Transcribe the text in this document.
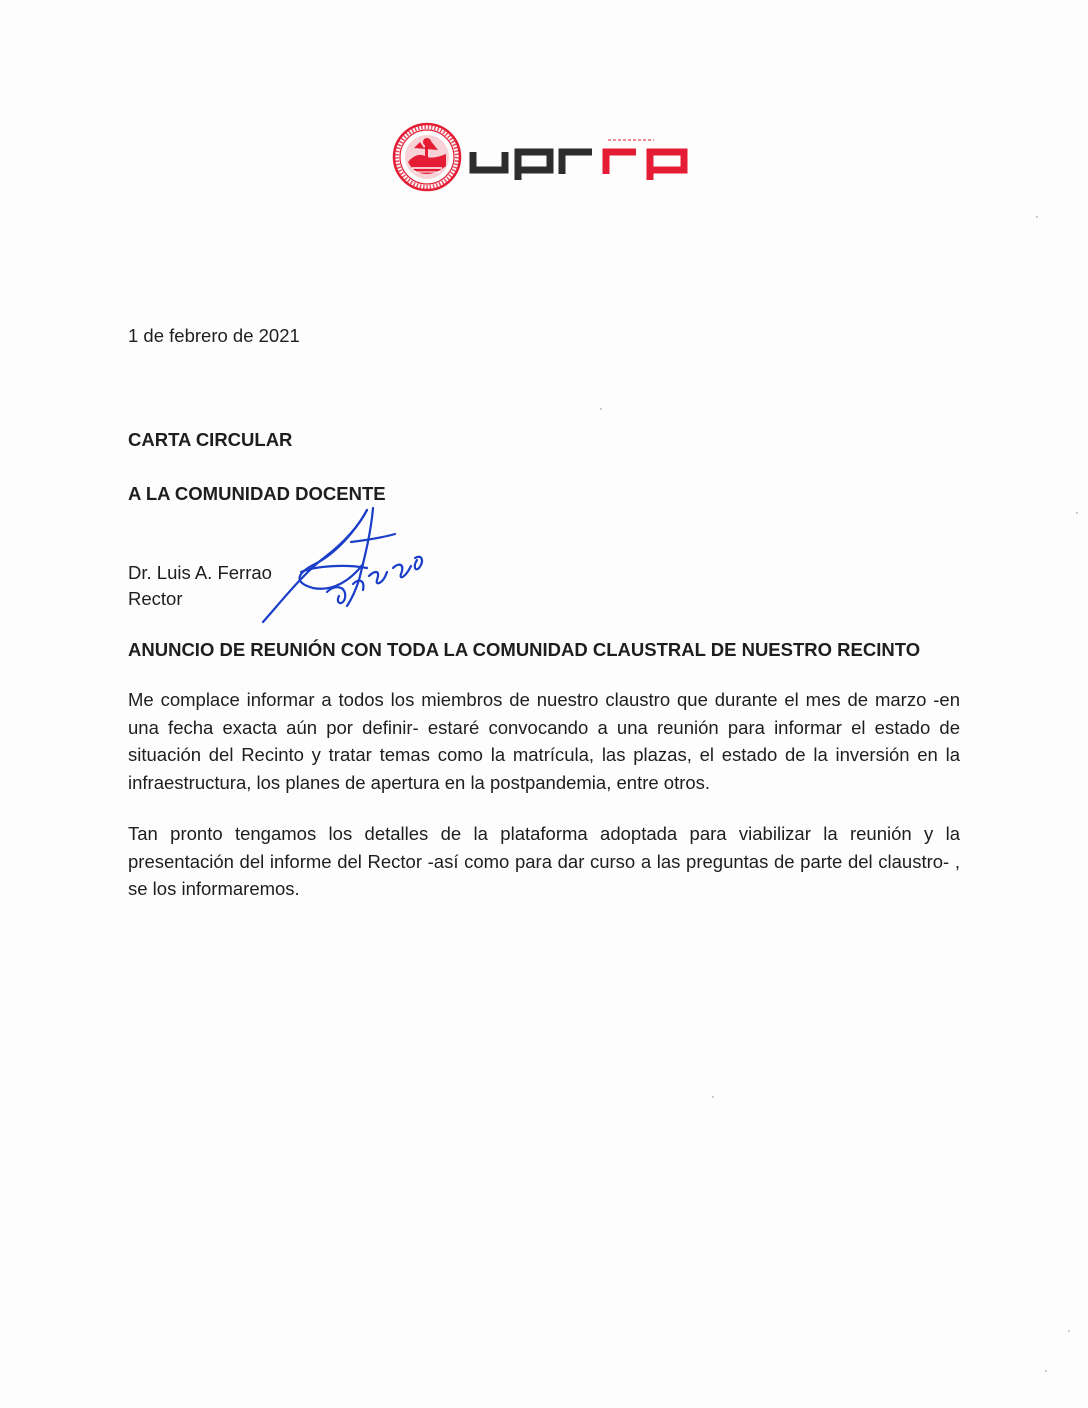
1 de febrero de 2021
CARTA CIRCULAR
A LA COMUNIDAD DOCENTE
Dr. Luis A. Ferrao
Rector
ANUNCIO DE REUNIÓN CON TODA LA COMUNIDAD CLAUSTRAL DE NUESTRO RECINTO
Me complace informar a todos los miembros de nuestro claustro que durante el mes de marzo -en una fecha exacta aún por definir- estaré convocando a una reunión para informar el estado de situación del Recinto y tratar temas como la matrícula, las plazas, el estado de la inversión en la infraestructura, los planes de apertura en la postpandemia, entre otros.
Tan pronto tengamos los detalles de la plataforma adoptada para viabilizar la reunión y la presentación del informe del Rector -así como para dar curso a las preguntas de parte del claustro- , se los informaremos.
